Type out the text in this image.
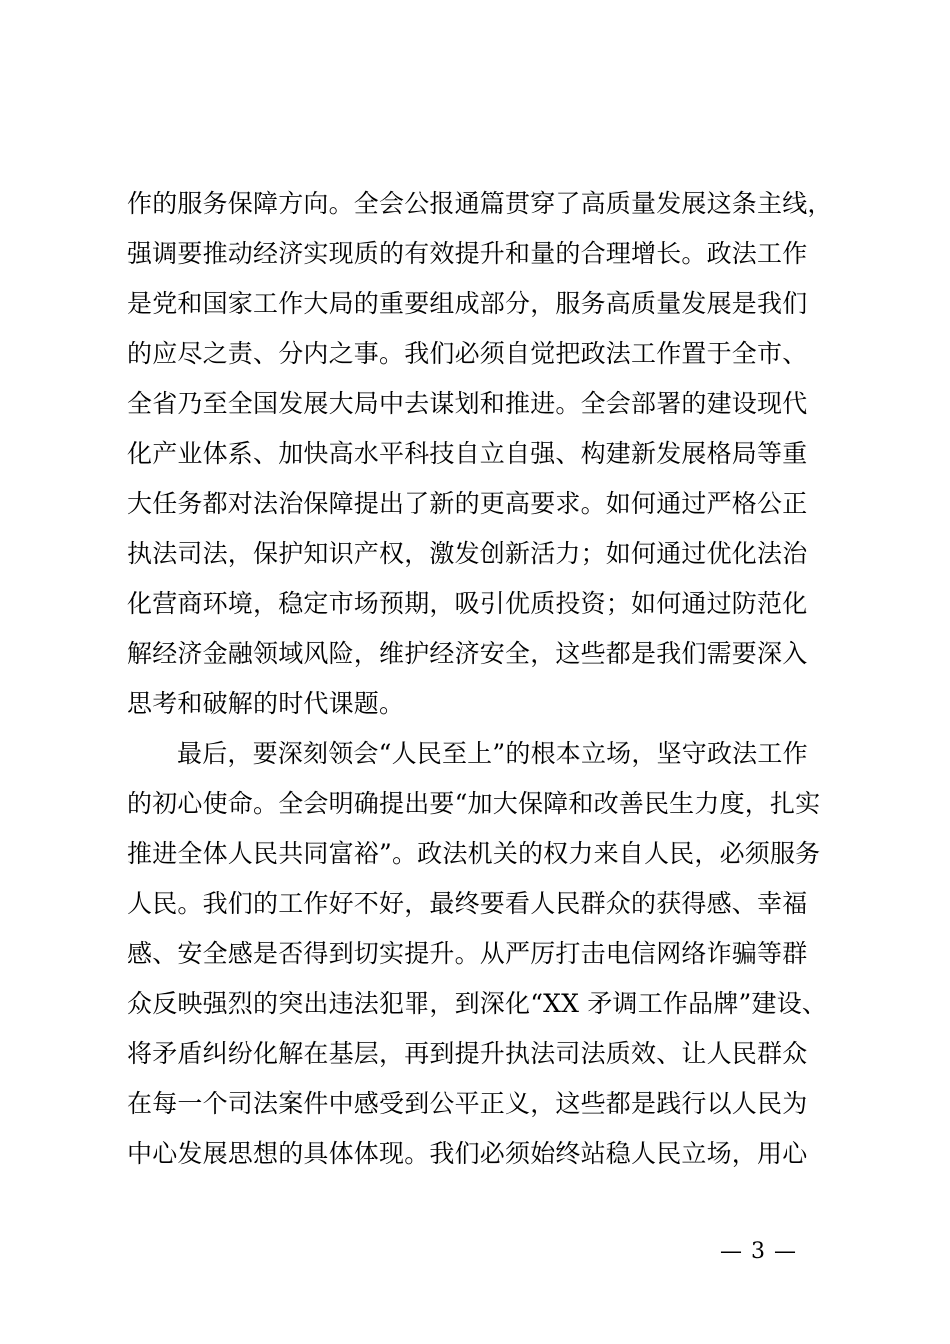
作的服务保障方向。全会公报通篇贯穿了高质量发展这条主线，
强调要推动经济实现质的有效提升和量的合理增长。政法工作
是党和国家工作大局的重要组成部分，服务高质量发展是我们
的应尽之责、分内之事。我们必须自觉把政法工作置于全市、
全省乃至全国发展大局中去谋划和推进。全会部署的建设现代
化产业体系、加快高水平科技自立自强、构建新发展格局等重
大任务都对法治保障提出了新的更高要求。如何通过严格公正
执法司法，保护知识产权，激发创新活力；如何通过优化法治
化营商环境，稳定市场预期，吸引优质投资；如何通过防范化
解经济金融领域风险，维护经济安全，这些都是我们需要深入
思考和破解的时代课题。
最后，要深刻领会“人民至上”的根本立场，坚守政法工作
的初心使命。全会明确提出要“加大保障和改善民生力度，扎实
推进全体人民共同富裕”。政法机关的权力来自人民，必须服务
人民。我们的工作好不好，最终要看人民群众的获得感、幸福
感、安全感是否得到切实提升。从严厉打击电信网络诈骗等群
众反映强烈的突出违法犯罪，到深化“XX 矛调工作品牌”建设、
将矛盾纠纷化解在基层，再到提升执法司法质效、让人民群众
在每一个司法案件中感受到公平正义，这些都是践行以人民为
中心发展思想的具体体现。我们必须始终站稳人民立场，用心
— 3 —
